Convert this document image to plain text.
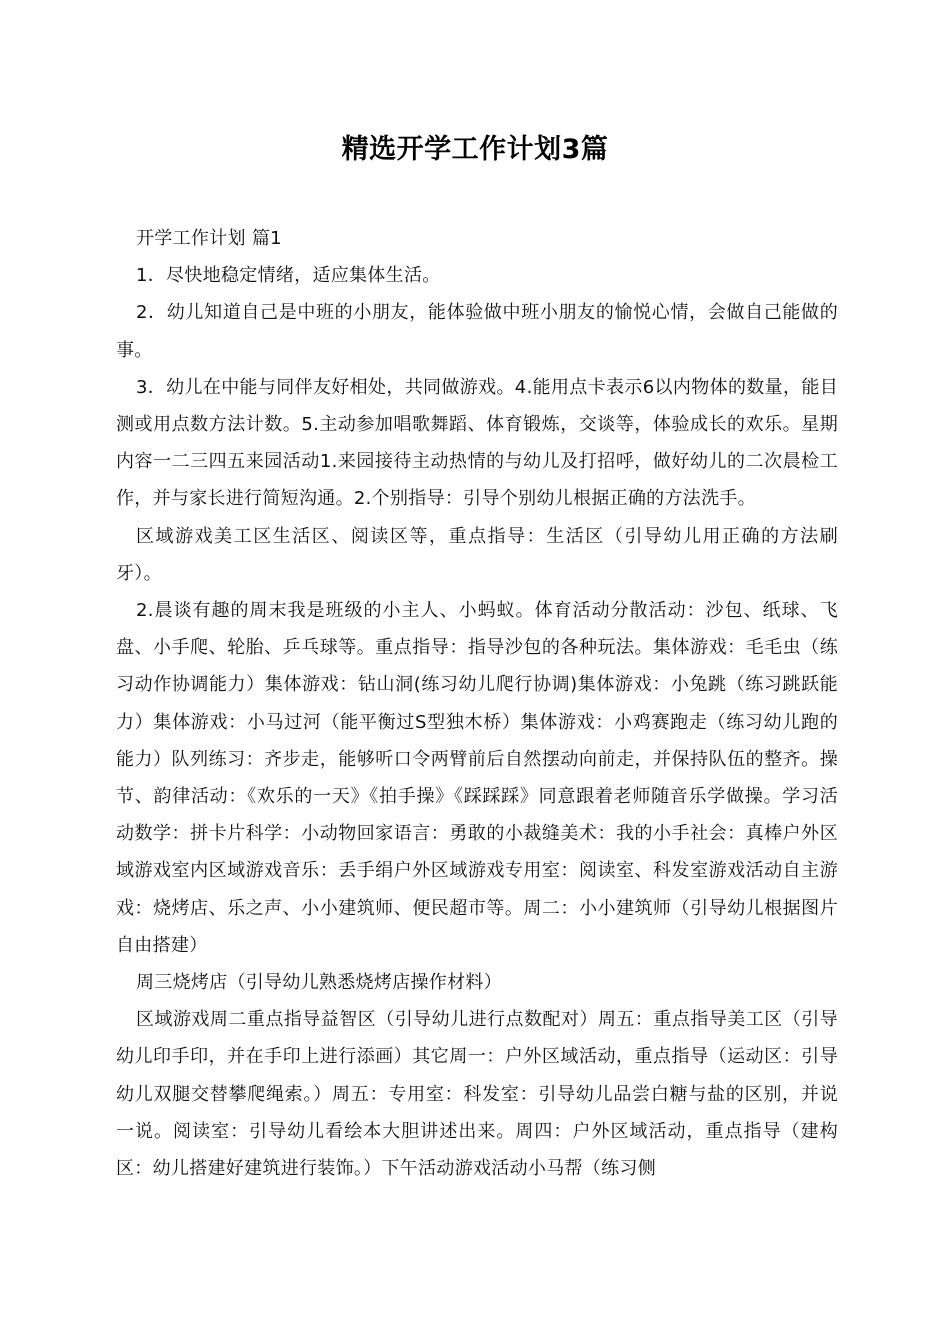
精选开学工作计划3篇

开学工作计划 篇1

1．尽快地稳定情绪，适应集体生活。

2．幼儿知道自己是中班的小朋友，能体验做中班小朋友的愉悦心情，会做自己能做的事。

3．幼儿在中能与同伴友好相处，共同做游戏。4.能用点卡表示6以内物体的数量，能目测或用点数方法计数。5.主动参加唱歌舞蹈、体育锻炼，交谈等，体验成长的欢乐。星期内容一二三四五来园活动1.来园接待主动热情的与幼儿及打招呼，做好幼儿的二次晨检工作，并与家长进行简短沟通。2.个别指导：引导个别幼儿根据正确的方法洗手。

区域游戏美工区生活区、阅读区等，重点指导：生活区（引导幼儿用正确的方法刷牙）。

2.晨谈有趣的周末我是班级的小主人、小蚂蚁。体育活动分散活动：沙包、纸球、飞盘、小手爬、轮胎、乒乓球等。重点指导：指导沙包的各种玩法。集体游戏：毛毛虫（练习动作协调能力）集体游戏：钻山洞(练习幼儿爬行协调)集体游戏：小兔跳（练习跳跃能力）集体游戏：小马过河（能平衡过S型独木桥）集体游戏：小鸡赛跑走（练习幼儿跑的能力）队列练习：齐步走，能够听口令两臂前后自然摆动向前走，并保持队伍的整齐。操节、韵律活动：《欢乐的一天》《拍手操》《踩踩踩》同意跟着老师随音乐学做操。学习活动数学：拼卡片科学：小动物回家语言：勇敢的小裁缝美术：我的小手社会：真棒户外区域游戏室内区域游戏音乐：丢手绢户外区域游戏专用室：阅读室、科发室游戏活动自主游戏：烧烤店、乐之声、小小建筑师、便民超市等。周二：小小建筑师（引导幼儿根据图片自由搭建）

周三烧烤店（引导幼儿熟悉烧烤店操作材料）

区域游戏周二重点指导益智区（引导幼儿进行点数配对）周五：重点指导美工区（引导幼儿印手印，并在手印上进行添画）其它周一：户外区域活动，重点指导（运动区：引导幼儿双腿交替攀爬绳索。）周五：专用室：科发室：引导幼儿品尝白糖与盐的区别，并说一说。阅读室：引导幼儿看绘本大胆讲述出来。周四：户外区域活动，重点指导（建构区：幼儿搭建好建筑进行装饰。）下午活动游戏活动小马帮（练习侧
